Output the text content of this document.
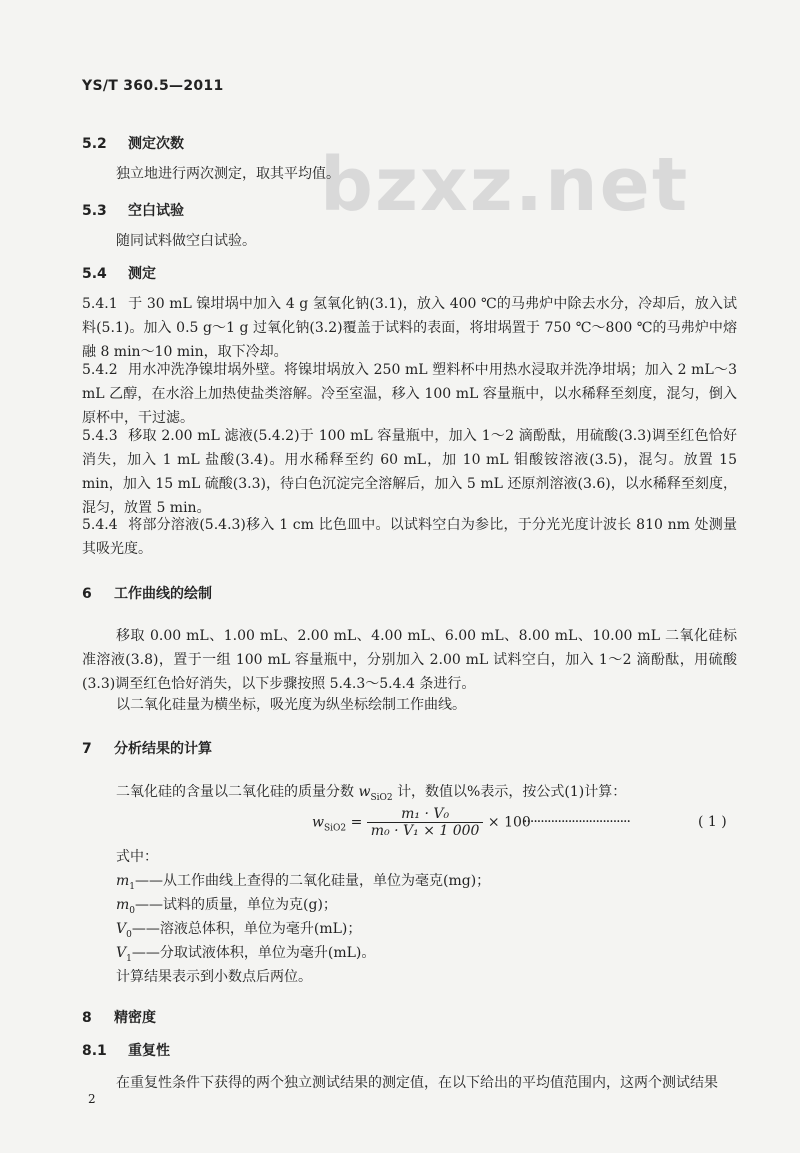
YS/T 360.5—2011
bzxz.net
5.2 测定次数
独立地进行两次测定，取其平均值。
5.3 空白试验
随同试料做空白试验。
5.4 测定
5.4.1 于 30 mL 镍坩埚中加入 4 g 氢氧化钠(3.1)，放入 400 ℃的马弗炉中除去水分，冷却后，放入试料(5.1)。加入 0.5 g～1 g 过氧化钠(3.2)覆盖于试料的表面，将坩埚置于 750 ℃～800 ℃的马弗炉中熔融 8 min～10 min，取下冷却。
5.4.2 用水冲洗净镍坩埚外壁。将镍坩埚放入 250 mL 塑料杯中用热水浸取并洗净坩埚；加入 2 mL～3 mL 乙醇，在水浴上加热使盐类溶解。冷至室温，移入 100 mL 容量瓶中，以水稀释至刻度，混匀，倒入原杯中，干过滤。
5.4.3 移取 2.00 mL 滤液(5.4.2)于 100 mL 容量瓶中，加入 1～2 滴酚酞，用硫酸(3.3)调至红色恰好消失，加入 1 mL 盐酸(3.4)。用水稀释至约 60 mL，加 10 mL 钼酸铵溶液(3.5)，混匀。放置 15 min，加入 15 mL 硫酸(3.3)，待白色沉淀完全溶解后，加入 5 mL 还原剂溶液(3.6)，以水稀释至刻度，混匀，放置 5 min。
5.4.4 将部分溶液(5.4.3)移入 1 cm 比色皿中。以试料空白为参比，于分光光度计波长 810 nm 处测量其吸光度。
6 工作曲线的绘制
移取 0.00 mL、1.00 mL、2.00 mL、4.00 mL、6.00 mL、8.00 mL、10.00 mL 二氧化硅标准溶液(3.8)，置于一组 100 mL 容量瓶中，分别加入 2.00 mL 试料空白，加入 1～2 滴酚酞，用硫酸(3.3)调至红色恰好消失，以下步骤按照 5.4.3～5.4.4 条进行。
以二氧化硅量为横坐标，吸光度为纵坐标绘制工作曲线。
7 分析结果的计算
二氧化硅的含量以二氧化硅的质量分数 $w_{SiO2}$ 计，数值以%表示，按公式(1)计算：
$w_{SiO2} = \frac{\text{m₁ · V₀}}{\text{m₀ · V₁ × 1 000}} \times 100$
·······························	( 1 )
式中：
$m_1——$从工作曲线上查得的二氧化硅量，单位为毫克(mg)；
$m_0——$试料的质量，单位为克(g)；
$V_0——$溶液总体积，单位为毫升(mL)；
$V_1——$分取试液体积，单位为毫升(mL)。
计算结果表示到小数点后两位。
8 精密度
8.1 重复性
在重复性条件下获得的两个独立测试结果的测定值，在以下给出的平均值范围内，这两个测试结果
2
